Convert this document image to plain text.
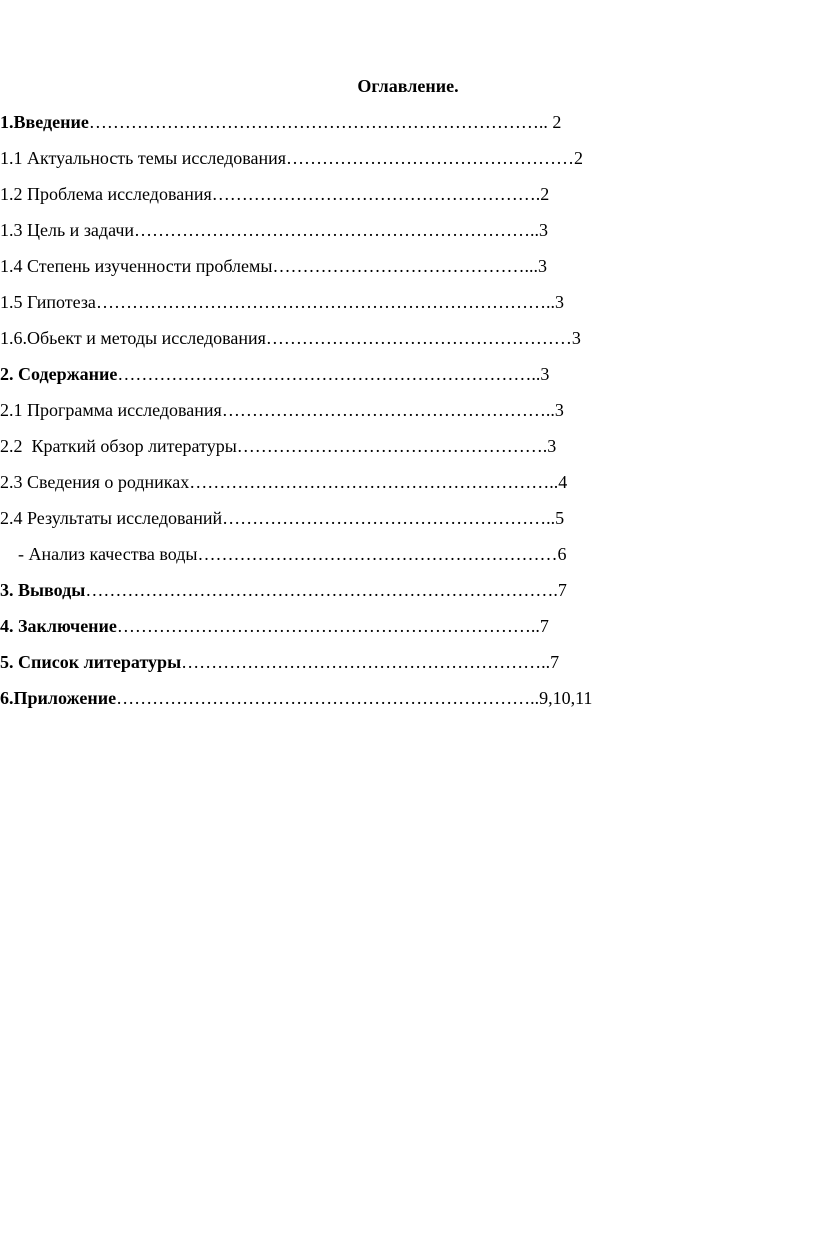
Оглавление.
1.Введение………………………………………………………………….. 2
1.1 Актуальность темы исследования…………………………………………2
1.2 Проблема исследования……………………………………………….2
1.3 Цель и задачи…………………………………………………………..3
1.4 Степень изученности проблемы……………………………………...3
1.5 Гипотеза…………………………………………………………………..3
1.6.Обьект и методы исследования……………………………………………3
2. Содержание……………………………………………………………..3
2.1 Программа исследования………………………………………………..3
2.2  Краткий обзор литературы…………………………………………….3
2.3 Сведения о родниках……………………………………………………..4
2.4 Результаты исследований………………………………………………..5
- Анализ качества воды……………………………………………………6
3. Выводы…………………………………………………………………….7
4. Заключение……………………………………………………………..7
5. Список литературы……………………………………………………..7
6.Приложение……………………………………………………………..9,10,11
